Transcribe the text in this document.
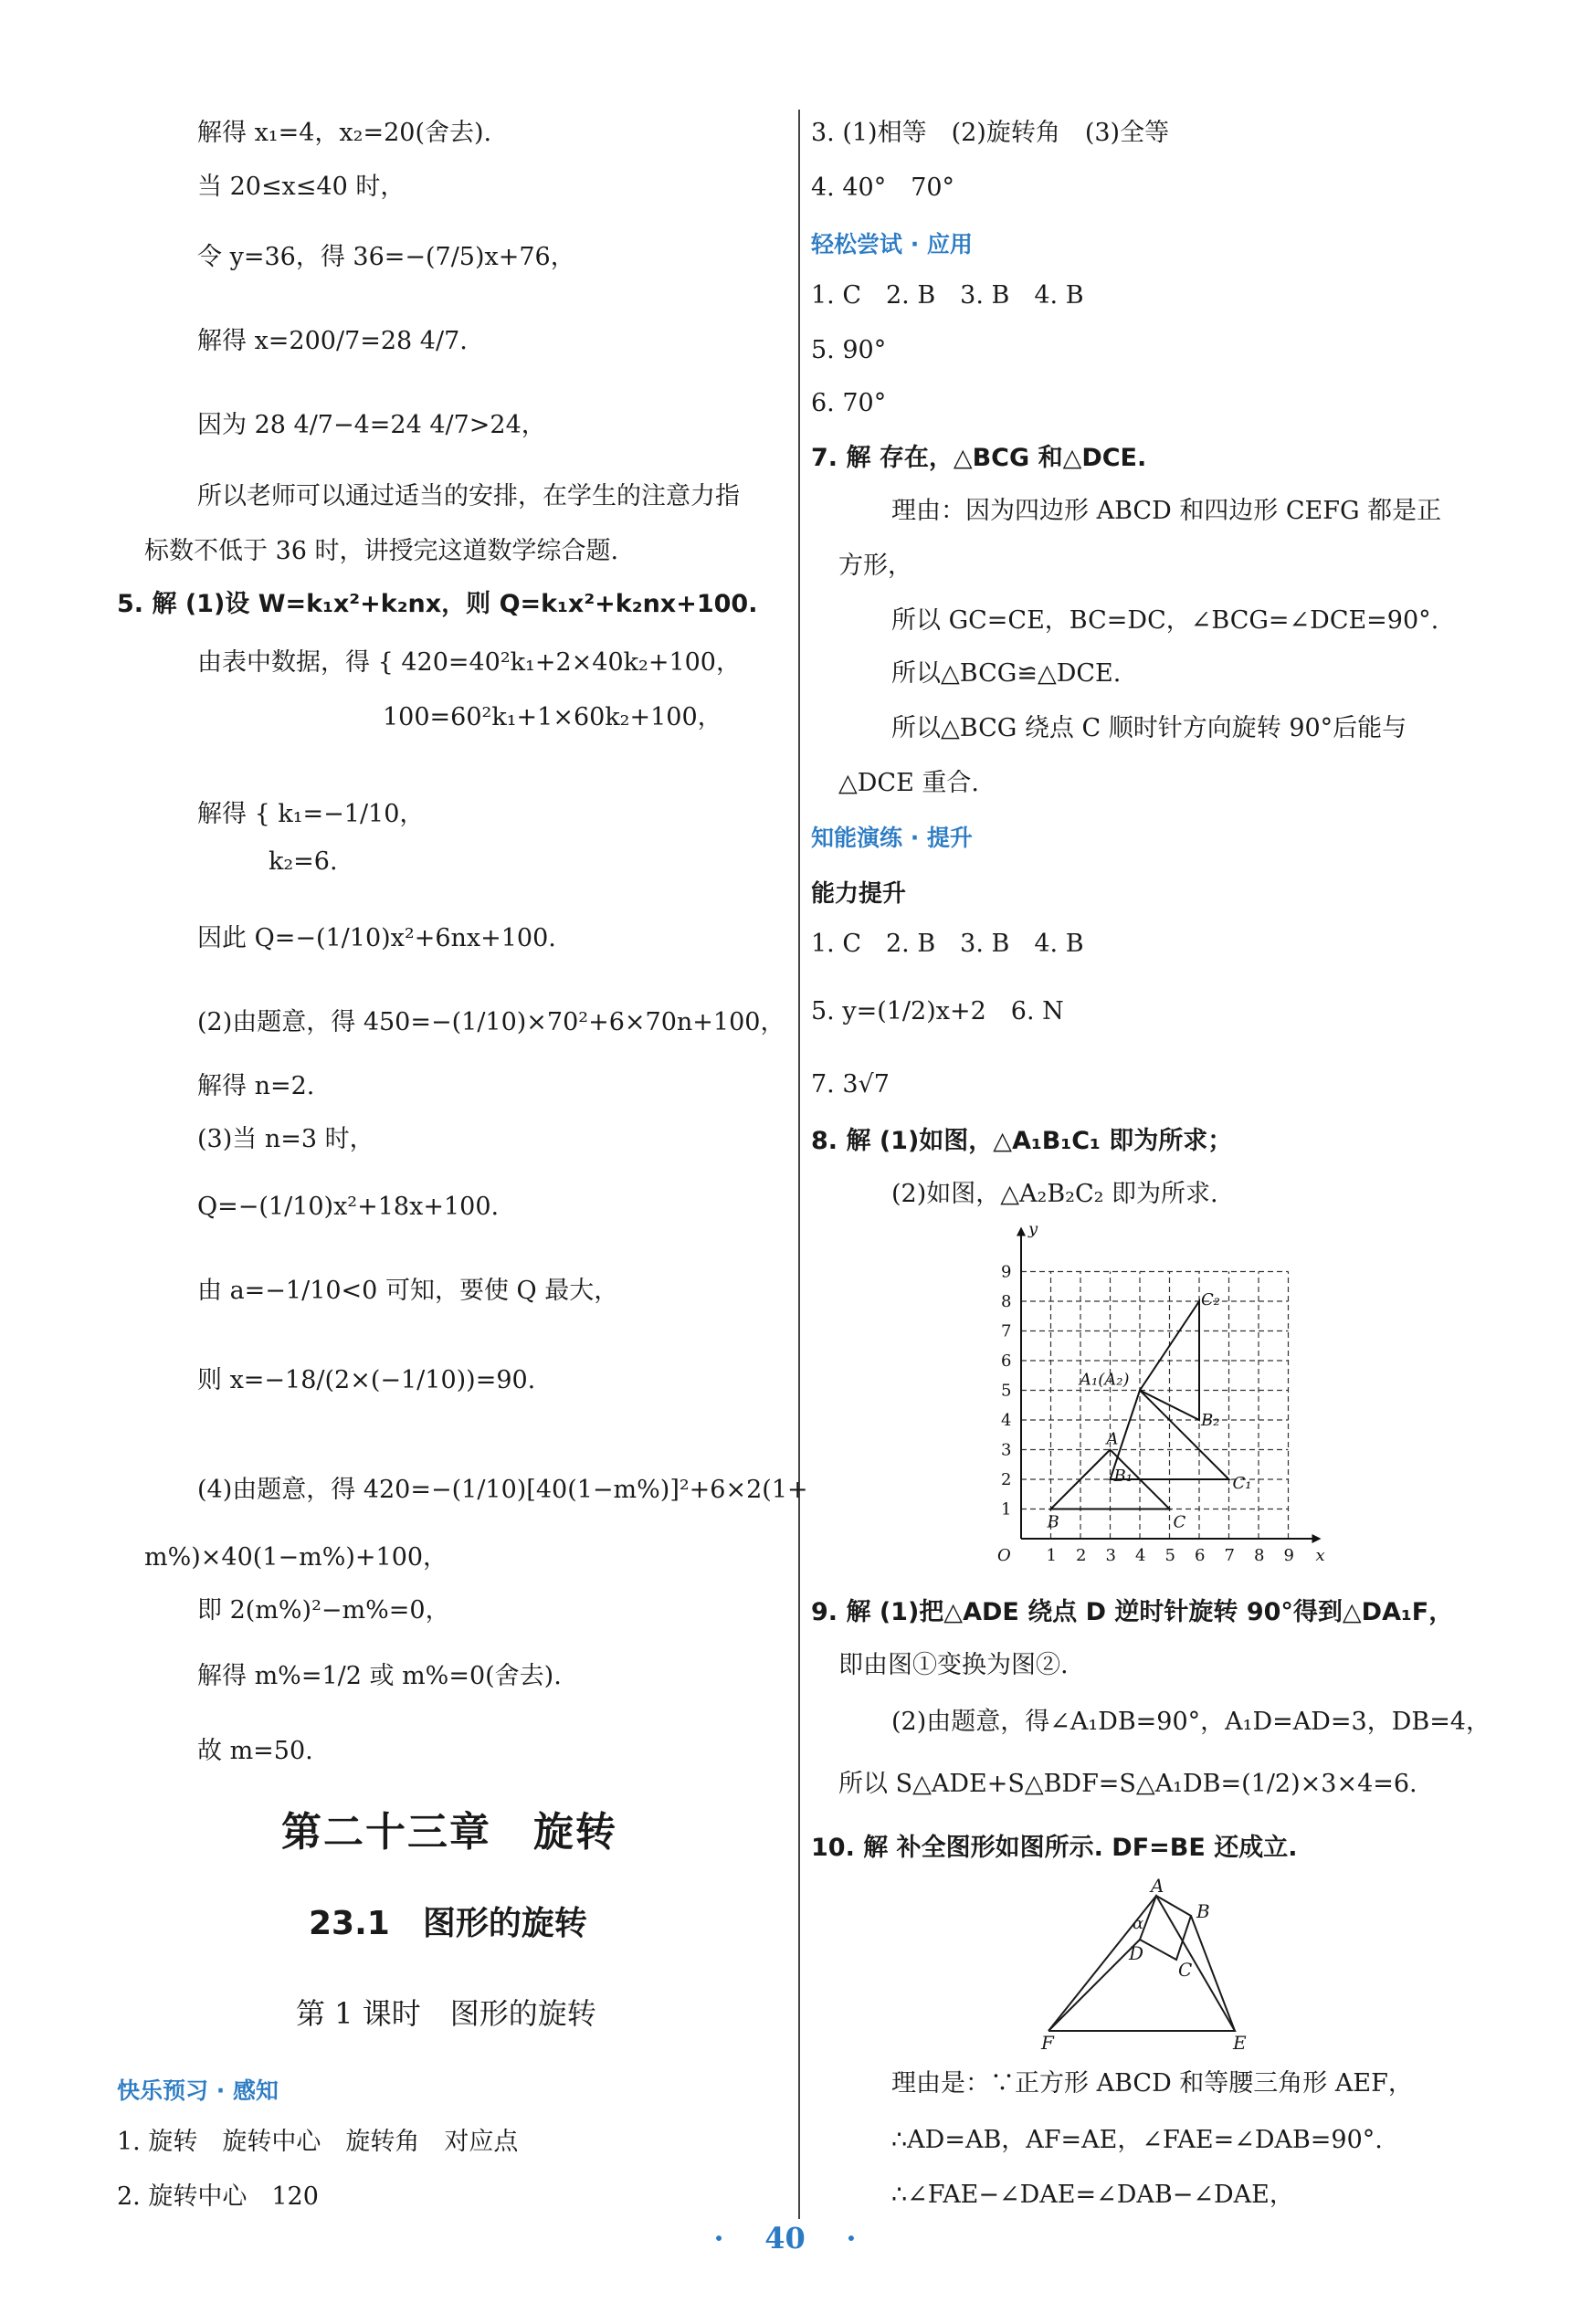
解得 x₁=4，x₂=20(舍去).
当 20≤x≤40 时，
令 y=36，得 36=−(7/5)x+76，
解得 x=200/7=28 4/7.
因为 28 4/7−4=24 4/7>24，
所以老师可以通过适当的安排，在学生的注意力指
标数不低于 36 时，讲授完这道数学综合题.
5. 解 (1)设 W=k₁x²+k₂nx，则 Q=k₁x²+k₂nx+100.
由表中数据，得 { 420=40²k₁+2×40k₂+100，
100=60²k₁+1×60k₂+100，
解得 { k₁=−1/10，
k₂=6.
因此 Q=−(1/10)x²+6nx+100.
(2)由题意，得 450=−(1/10)×70²+6×70n+100，
解得 n=2.
(3)当 n=3 时，
Q=−(1/10)x²+18x+100.
由 a=−1/10<0 可知，要使 Q 最大，
则 x=−18/(2×(−1/10))=90.
(4)由题意，得 420=−(1/10)[40(1−m%)]²+6×2(1+
m%)×40(1−m%)+100，
即 2(m%)²−m%=0，
解得 m%=1/2 或 m%=0(舍去).
故 m=50.
第二十三章　旋转
23.1　图形的旋转
第 1 课时　图形的旋转
快乐预习 · 感知
1. 旋转　旋转中心　旋转角　对应点
2. 旋转中心　120
3. (1)相等　(2)旋转角　(3)全等
4. 40°　70°
轻松尝试 · 应用
1. C　2. B　3. B　4. B
5. 90°
6. 70°
7. 解 存在，△BCG 和△DCE.
理由：因为四边形 ABCD 和四边形 CEFG 都是正
方形，
所以 GC=CE，BC=DC，∠BCG=∠DCE=90°.
所以△BCG≌△DCE.
所以△BCG 绕点 C 顺时针方向旋转 90°后能与
△DCE 重合.
知能演练 · 提升
能力提升
1. C　2. B　3. B　4. B
5. y=(1/2)x+2　6. N
7. 3√7
8. 解 (1)如图，△A₁B₁C₁ 即为所求；
(2)如图，△A₂B₂C₂ 即为所求.
1
1
2
2
3
3
4
4
5
5
6
6
7
7
8
8
9
9
O	x
y
A
B	C
A₁(A₂)
B₁	C₁
B₂
C₂
9. 解 (1)把△ADE 绕点 D 逆时针旋转 90°得到△DA₁F，
即由图①变换为图②.
(2)由题意，得∠A₁DB=90°，A₁D=AD=3，DB=4，
所以 S△ADE+S△BDF=S△A₁DB=(1/2)×3×4=6.
10. 解 补全图形如图所示. DF=BE 还成立.
A
B
C
D
E
F
α
理由是：∵正方形 ABCD 和等腰三角形 AEF，
∴AD=AB，AF=AE，∠FAE=∠DAB=90°.
∴∠FAE−∠DAE=∠DAB−∠DAE，
· 40 ·
